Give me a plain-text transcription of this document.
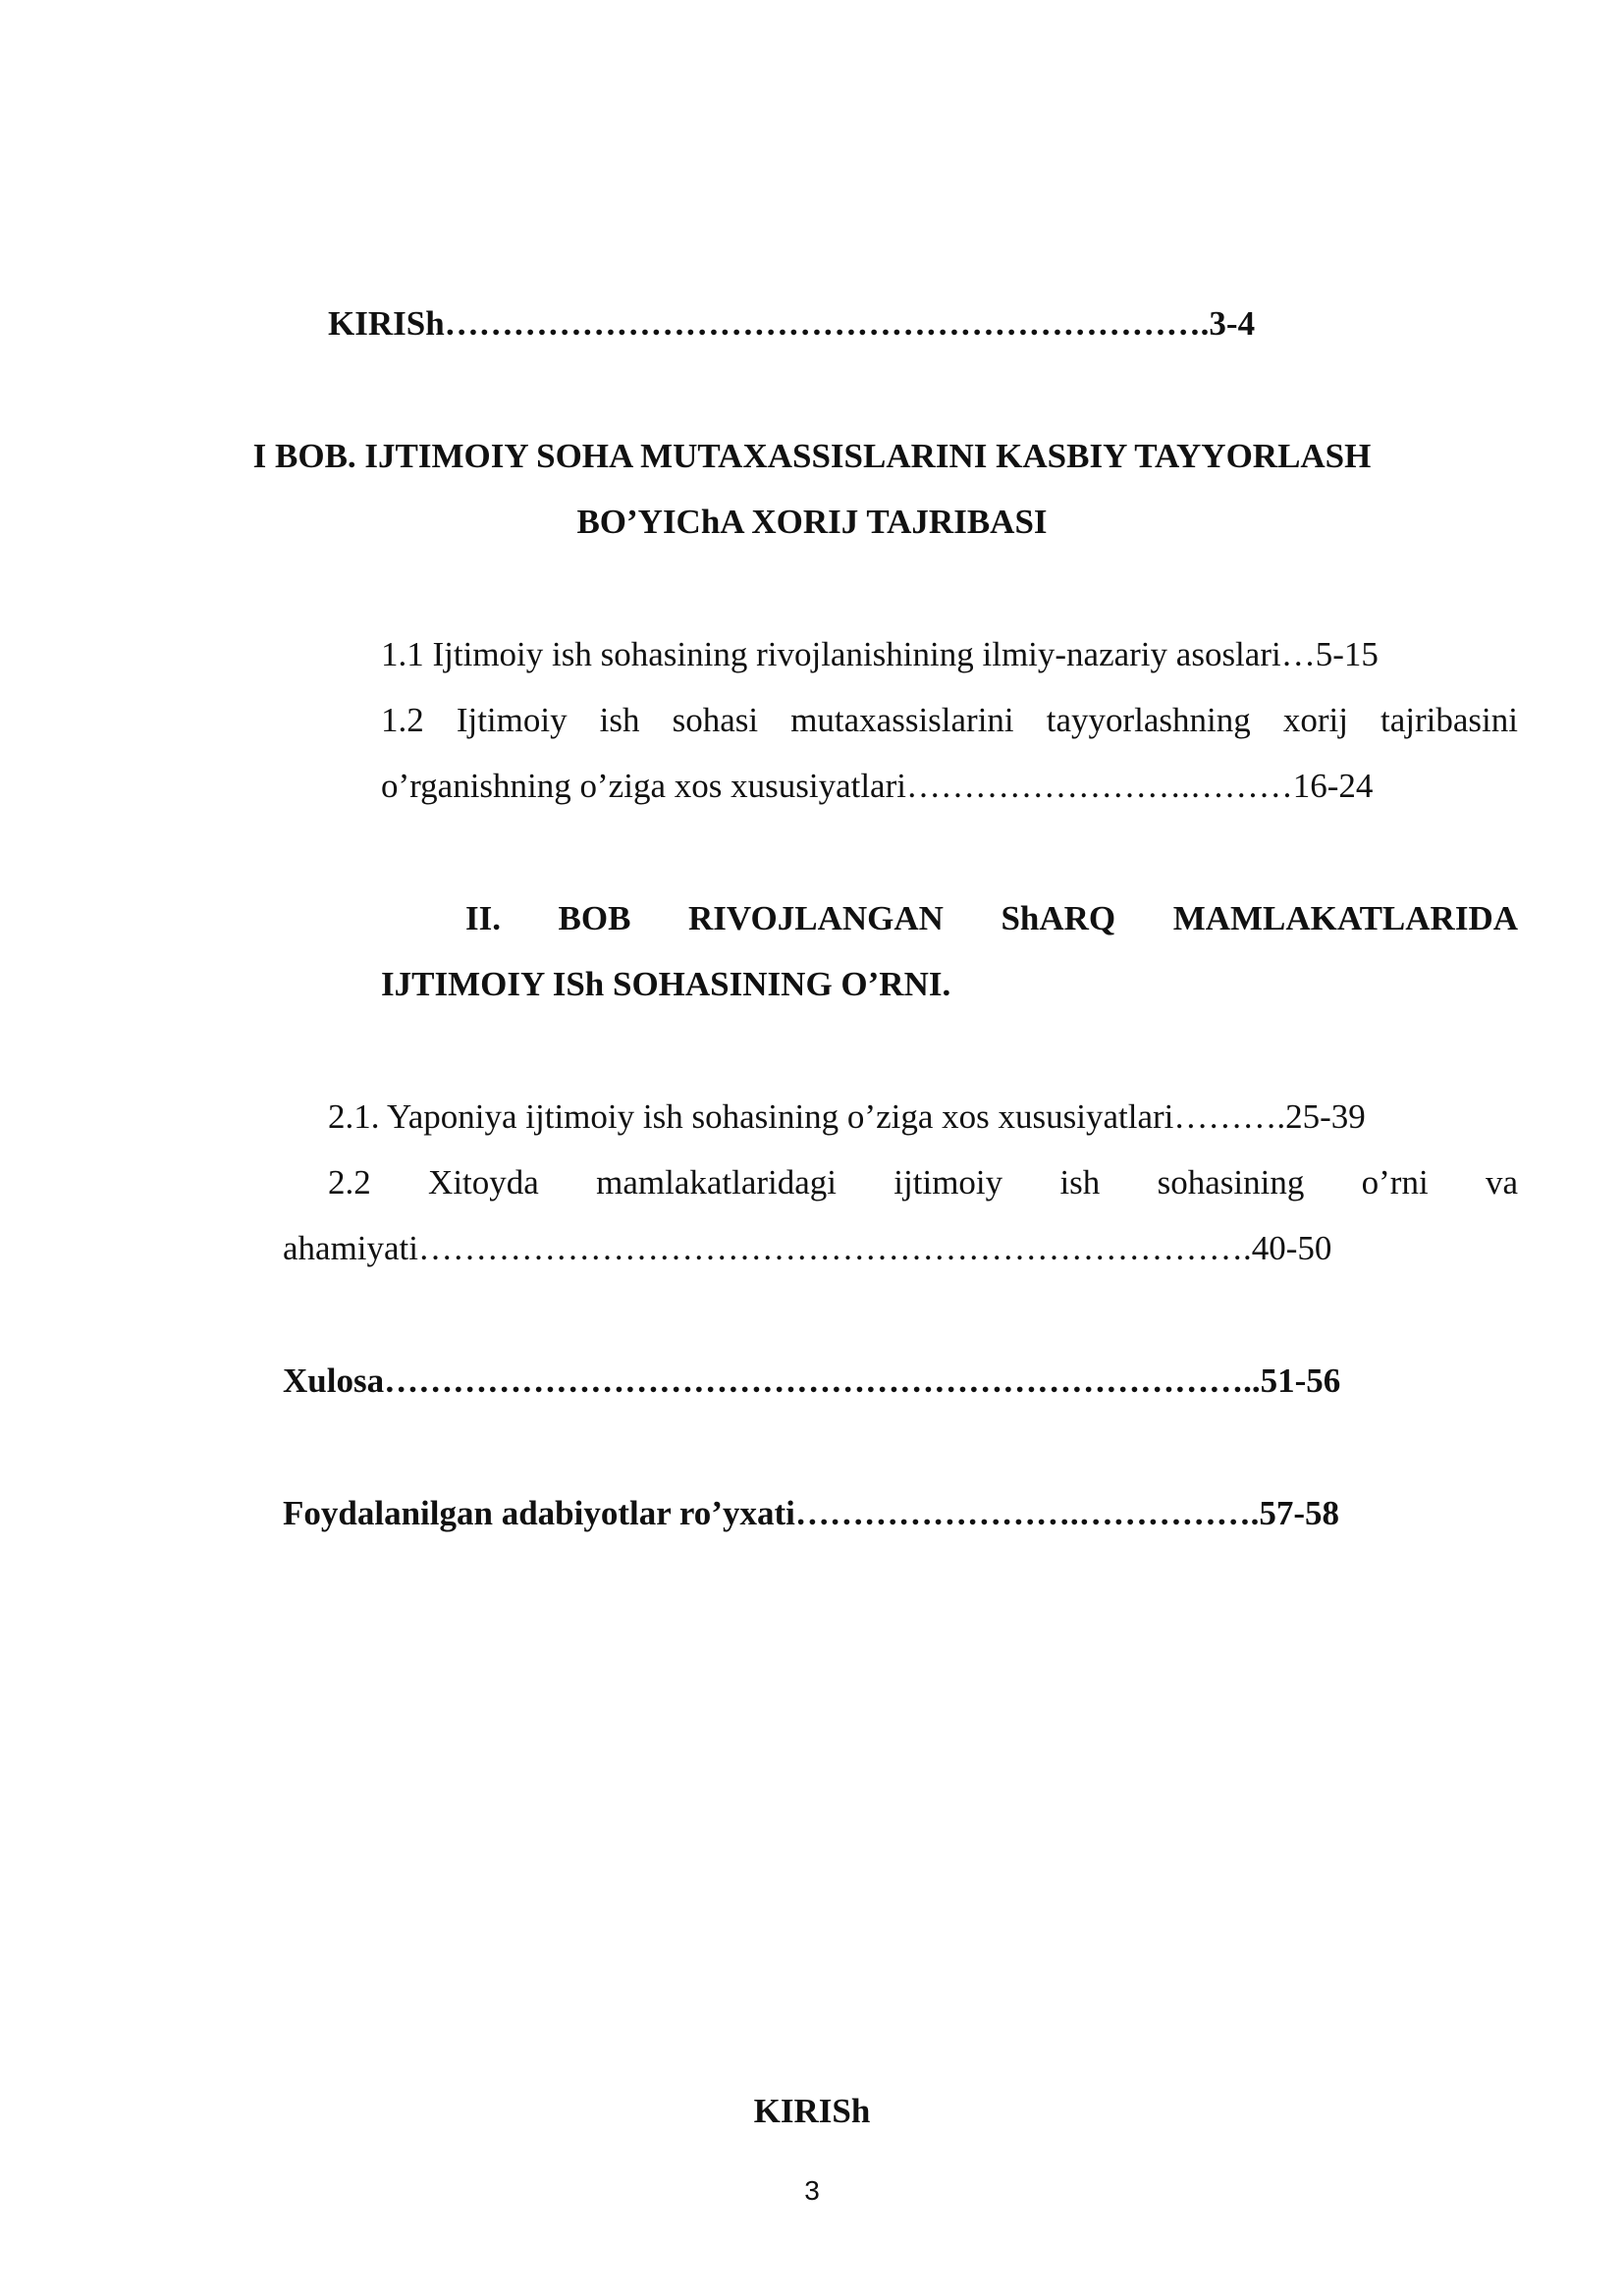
KIRISh………………………………………………………….3-4
I BOB. IJTIMOIY SOHA MUTAXASSISLARINI KASBIY TAYYORLASH
BO’YIChA XORIJ TAJRIBASI
1.1 Ijtimoiy ish sohasining rivojlanishining ilmiy-nazariy asoslari…5-15
1.2 Ijtimoiy ish sohasi mutaxassislarini tayyorlashning xorij tajribasini
o’rganishning o’ziga xos xususiyatlari…………………….………16-24
II. BOB RIVOJLANGAN ShARQ MAMLAKATLARIDA
IJTIMOIY ISh SOHASINING O’RNI.
2.1. Yaponiya ijtimoiy ish sohasining o’ziga xos xususiyatlari……….25-39
2.2 Xitoyda mamlakatlaridagi ijtimoiy ish sohasining o’rni va
ahamiyati……………………………………………………………….40-50
Xulosa…………………………………………………………………..51-56
Foydalanilgan adabiyotlar ro’yxati…………………….…………….57-58
KIRISh
3
